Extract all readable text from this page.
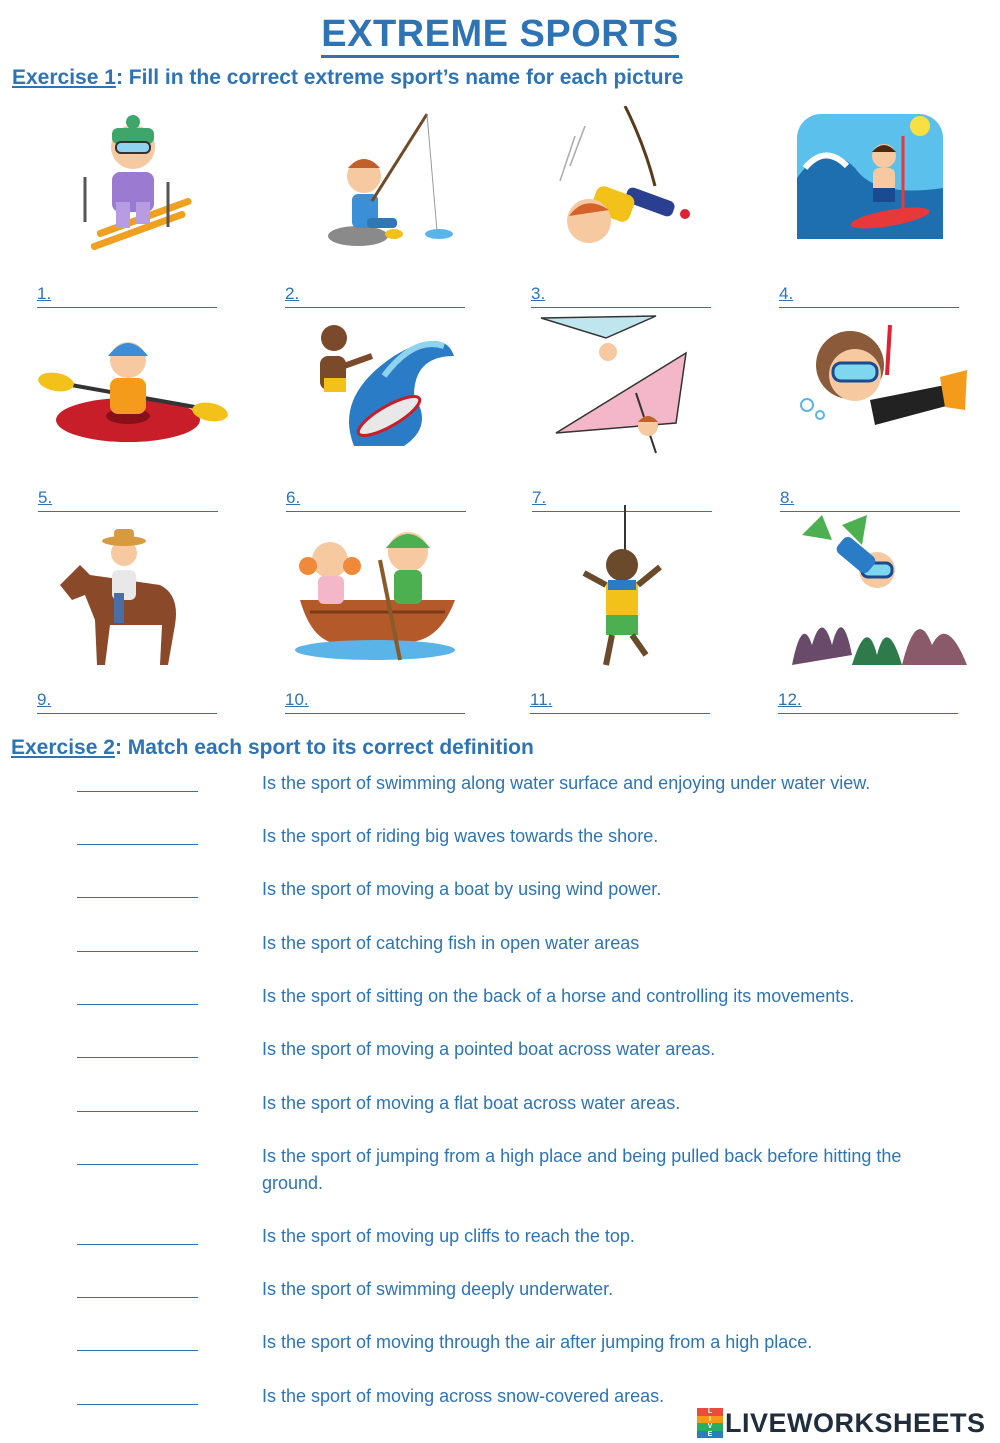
EXTREME SPORTS
Exercise 1: Fill in the correct extreme sport’s name for each picture
1.	2.	3.	4.
5.	6.	7.	8.
9.	10.	11.	12.
Exercise 2: Match each sport to its correct definition
Is the sport of swimming along water surface and enjoying under water view.
Is the sport of riding big waves towards the shore.
Is the sport of moving a boat by using wind power.
Is the sport of catching fish in open water areas
Is the sport of sitting on the back of a horse and controlling its movements.
Is the sport of moving a pointed boat across water areas.
Is the sport of moving a flat boat across water areas.
Is the sport of jumping from a high place and being pulled back before hitting the ground.
Is the sport of moving up cliffs to reach the top.
Is the sport of swimming deeply underwater.
Is the sport of moving through the air after jumping from a high place.
Is the sport of moving across snow-covered areas.
L
I
V
E LIVEWORKSHEETS
